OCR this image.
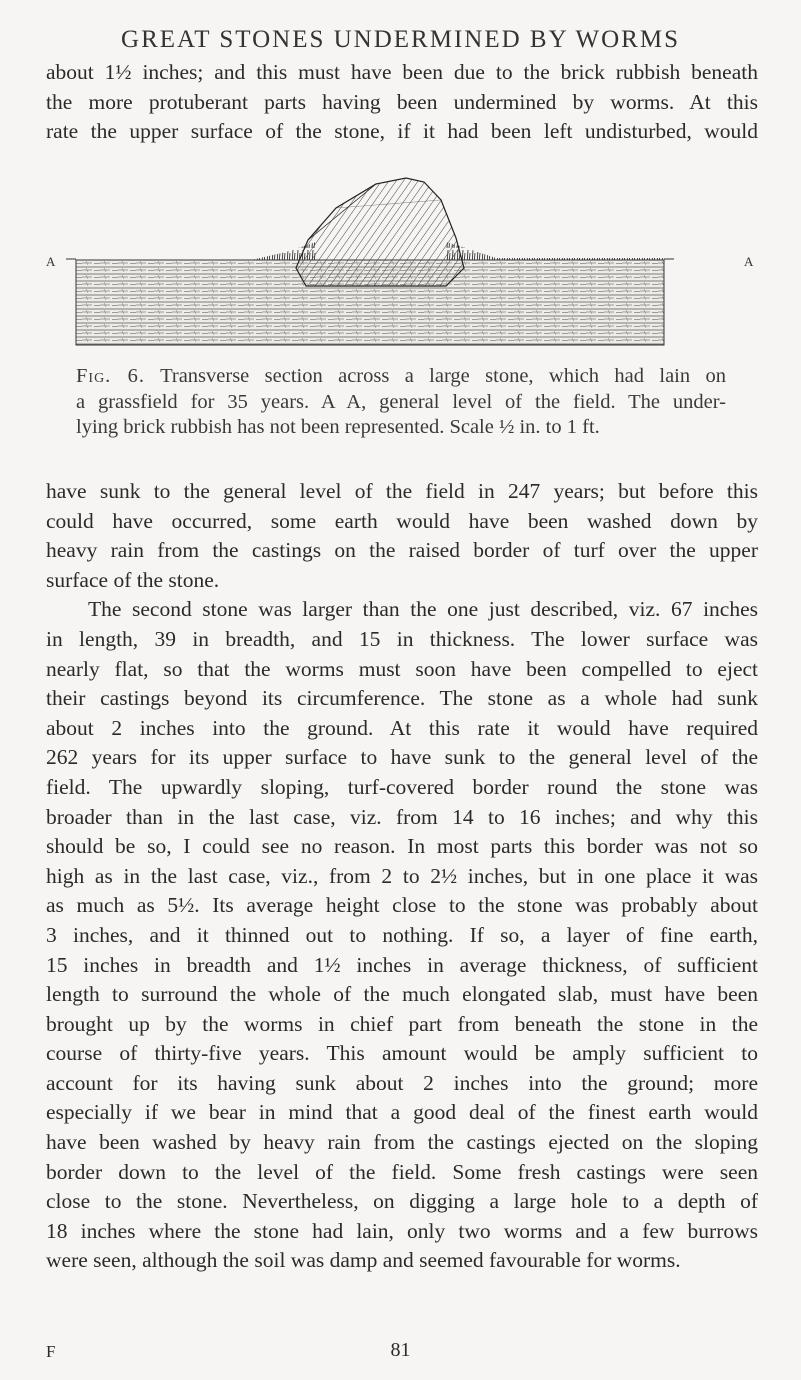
GREAT STONES UNDERMINED BY WORMS
about 1½ inches; and this must have been due to the brick rubbish beneath
the more protuberant parts having been undermined by worms. At this
rate the upper surface of the stone, if it had been left undisturbed, would
A	A
Fig. 6. Transverse section across a large stone, which had lain on
a grassfield for 35 years. A A, general level of the field. The under-
lying brick rubbish has not been represented. Scale ½ in. to 1 ft.
have sunk to the general level of the field in 247 years; but before this
could have occurred, some earth would have been washed down by
heavy rain from the castings on the raised border of turf over the upper
surface of the stone.
The second stone was larger than the one just described, viz. 67 inches
in length, 39 in breadth, and 15 in thickness. The lower surface was
nearly flat, so that the worms must soon have been compelled to eject
their castings beyond its circumference. The stone as a whole had sunk
about 2 inches into the ground. At this rate it would have required
262 years for its upper surface to have sunk to the general level of the
field. The upwardly sloping, turf-covered border round the stone was
broader than in the last case, viz. from 14 to 16 inches; and why this
should be so, I could see no reason. In most parts this border was not so
high as in the last case, viz., from 2 to 2½ inches, but in one place it was
as much as 5½. Its average height close to the stone was probably about
3 inches, and it thinned out to nothing. If so, a layer of fine earth,
15 inches in breadth and 1½ inches in average thickness, of sufficient
length to surround the whole of the much elongated slab, must have been
brought up by the worms in chief part from beneath the stone in the
course of thirty-five years. This amount would be amply sufficient to
account for its having sunk about 2 inches into the ground; more
especially if we bear in mind that a good deal of the finest earth would
have been washed by heavy rain from the castings ejected on the sloping
border down to the level of the field. Some fresh castings were seen
close to the stone. Nevertheless, on digging a large hole to a depth of
18 inches where the stone had lain, only two worms and a few burrows
were seen, although the soil was damp and seemed favourable for worms.
F	81
